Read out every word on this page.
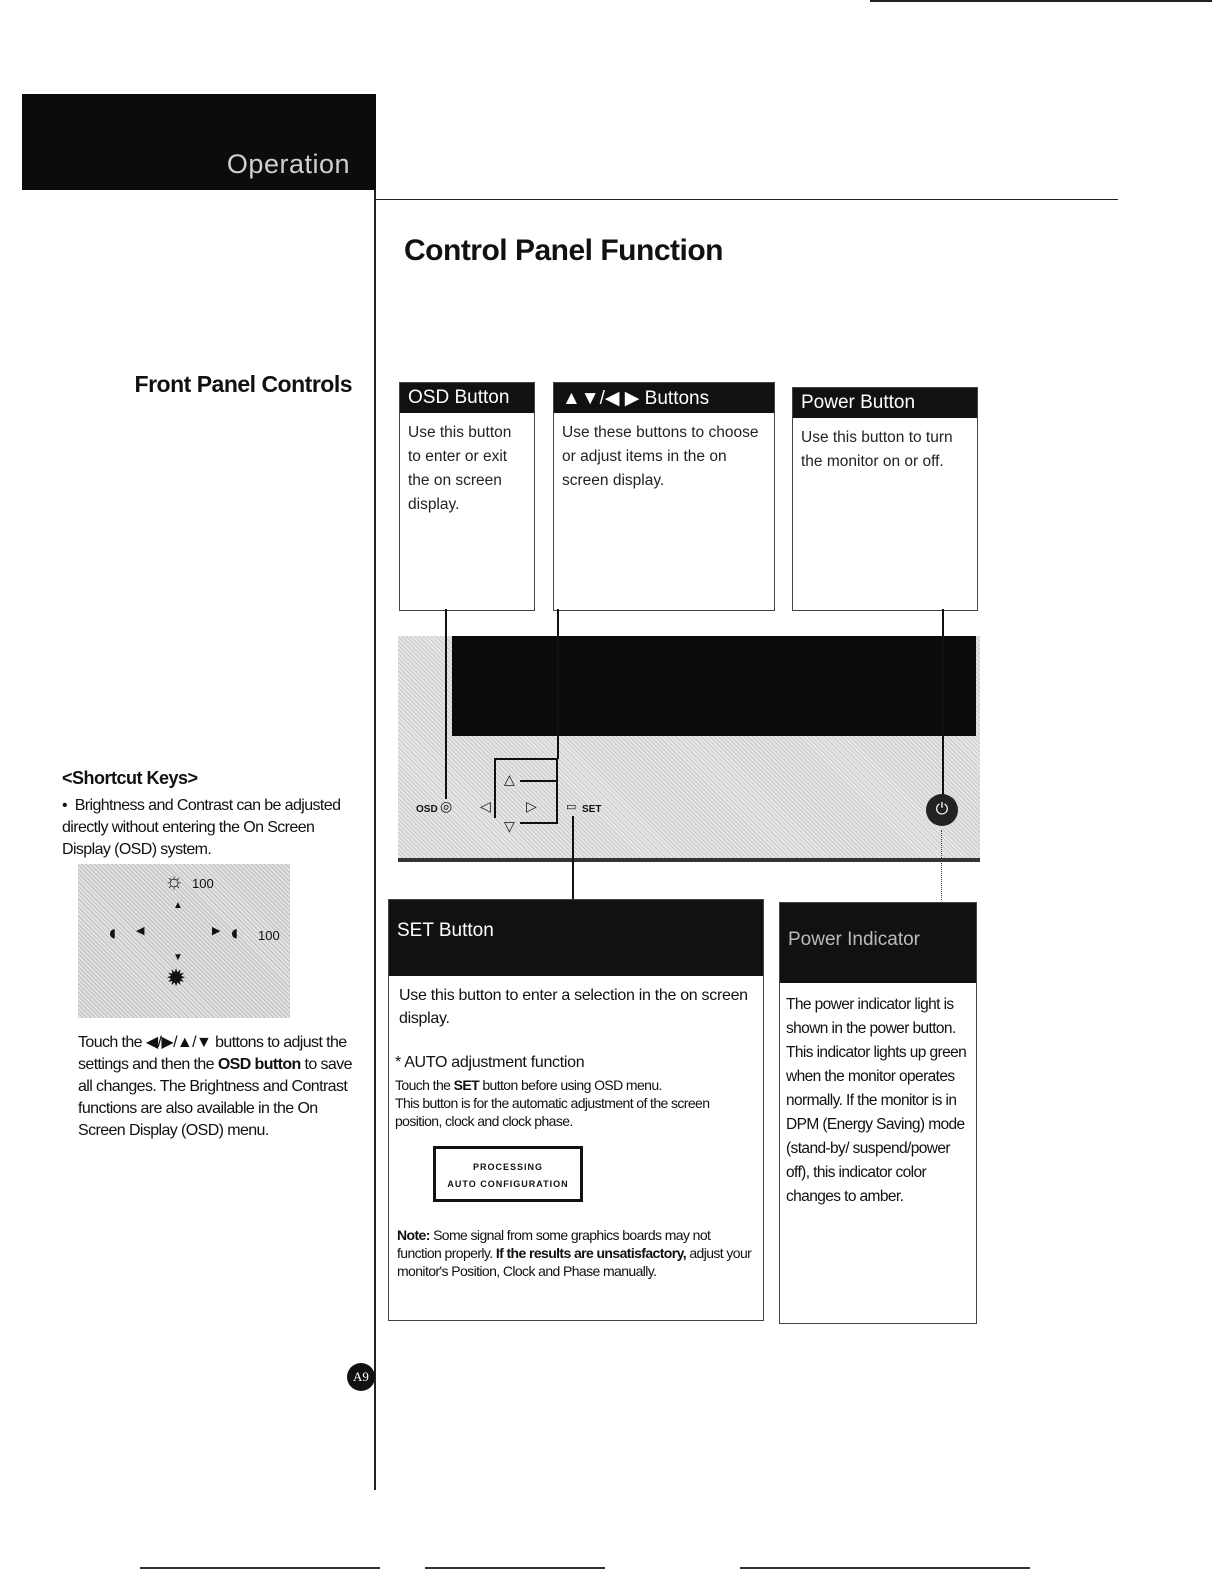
Operation
Control Panel Function
Front Panel Controls
OSD Button
Use this button to enter or exit the on screen display.
▲▼/◀ ▶ Buttons
Use these buttons to choose or adjust items in the on screen display.
Power Button
Use this button to turn the monitor on or off.
OSD ◎ ◁
△
▷
▽
▭ SET	⏻
SET Button
Use this button to enter a selection in the on screen display.
* AUTO adjustment function
Touch the SET button before using OSD menu.
This button is for the automatic adjustment of the screen position, clock and clock phase.
PROCESSING
AUTO CONFIGURATION
Note: Some signal from some graphics boards may not function properly. If the results are unsatisfactory, adjust your monitor's Position, Clock and Phase manually.
Power Indicator
The power indicator light is shown in the power button. This indicator lights up green when the monitor operates normally. If the monitor is in DPM (Energy Saving) mode (stand-by/ suspend/power off), this indicator color changes to amber.
<Shortcut Keys>
•  Brightness and Contrast can be adjusted directly without entering the On Screen Display (OSD) system.
☼ 100
▲
◐ ◀	▶ ◐ 100
▼
✹
Touch the ◀/▶/▲/▼ buttons to adjust the settings and then the OSD button to save all changes. The Brightness and Contrast functions are also available in the On Screen Display (OSD) menu.
A9
